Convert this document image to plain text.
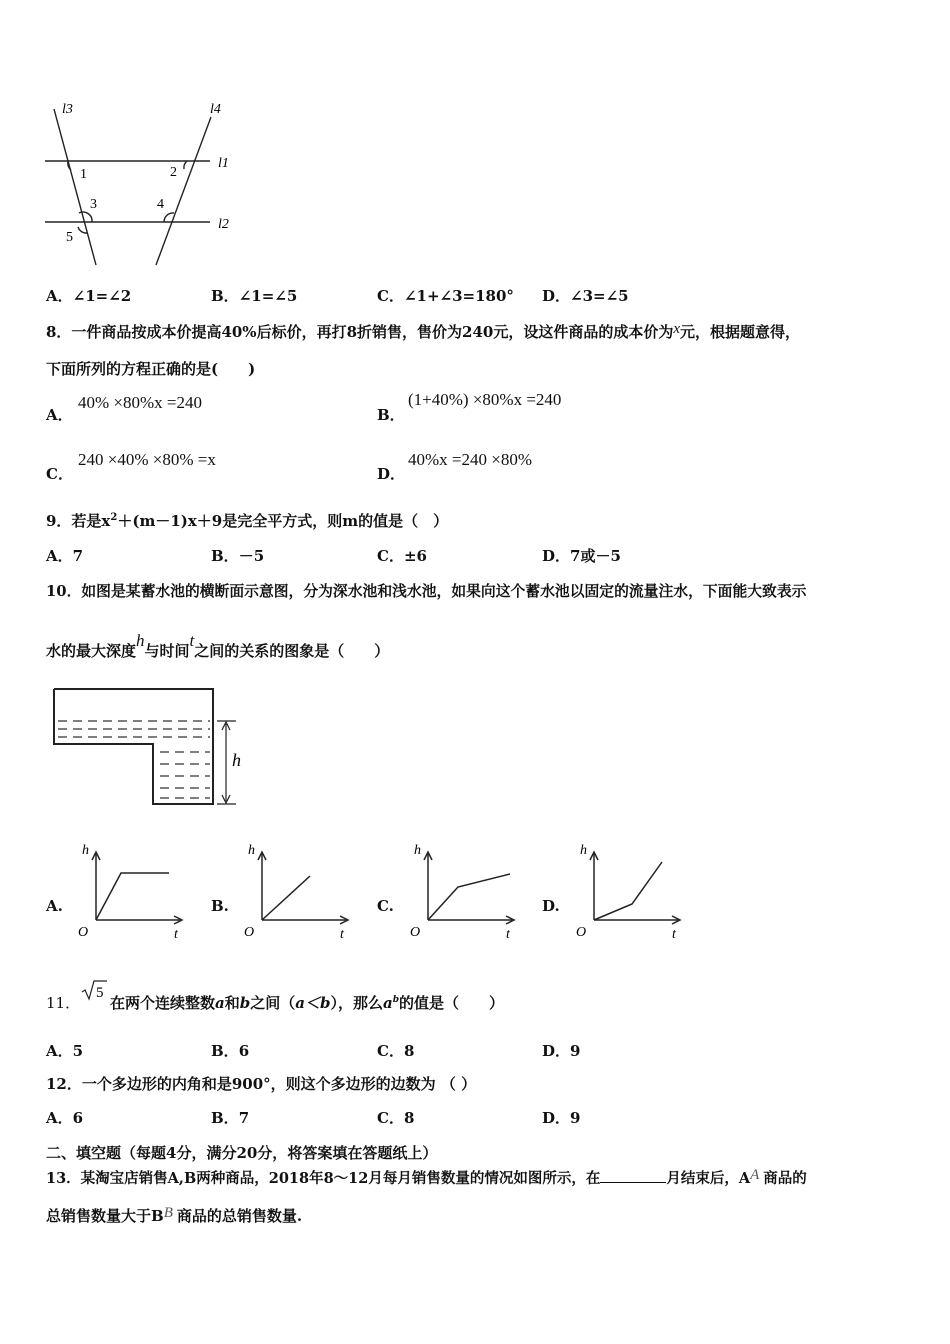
l3	l4
l1
l2
1	2
3	4
5
A．∠1=∠2	B．∠1=∠5	C．∠1+∠3=180° D．∠3=∠5
8．一件商品按成本价提高40%后标价，再打8折销售，售价为240元，设这件商品的成本价为x元，根据题意得，
下面所列的方程正确的是(　　)
A．
40% ×80%x =240
B．
(1+40%) ×80%x =240
C．
240 ×40% ×80% =x
D．
40%x =240 ×80%
9．若是$x^2+(m-1)x+9$是完全平方式，则m的值是（　）
A．7	B．－5	C．±6	D．7或－5
10．如图是某蓄水池的横断面示意图，分为深水池和浅水池，如果向这个蓄水池以固定的流量注水，下面能大致表示
水的最大深度h与时间t之间的关系的图象是（　　）
h
A.
h
O	t
B.
h
O	t
C.
h
O	t
D.
h
O	t
11．
5
在两个连续整数a和b之间（a＜b），那么$a^b$的值是（　　）
A．5	B．6	C．8	D．9
12．一个多边形的内角和是900°，则这个多边形的边数为 （ ）
A．6	B．7	C．8	D．9
二、填空题（每题4分，满分20分，将答案填在答题纸上）
13．某淘宝店销售A,B两种商品，2018年8～12月每月销售数量的情况如图所示，在	月结束后，AA 商品的
总销售数量大于BB 商品的总销售数量.
